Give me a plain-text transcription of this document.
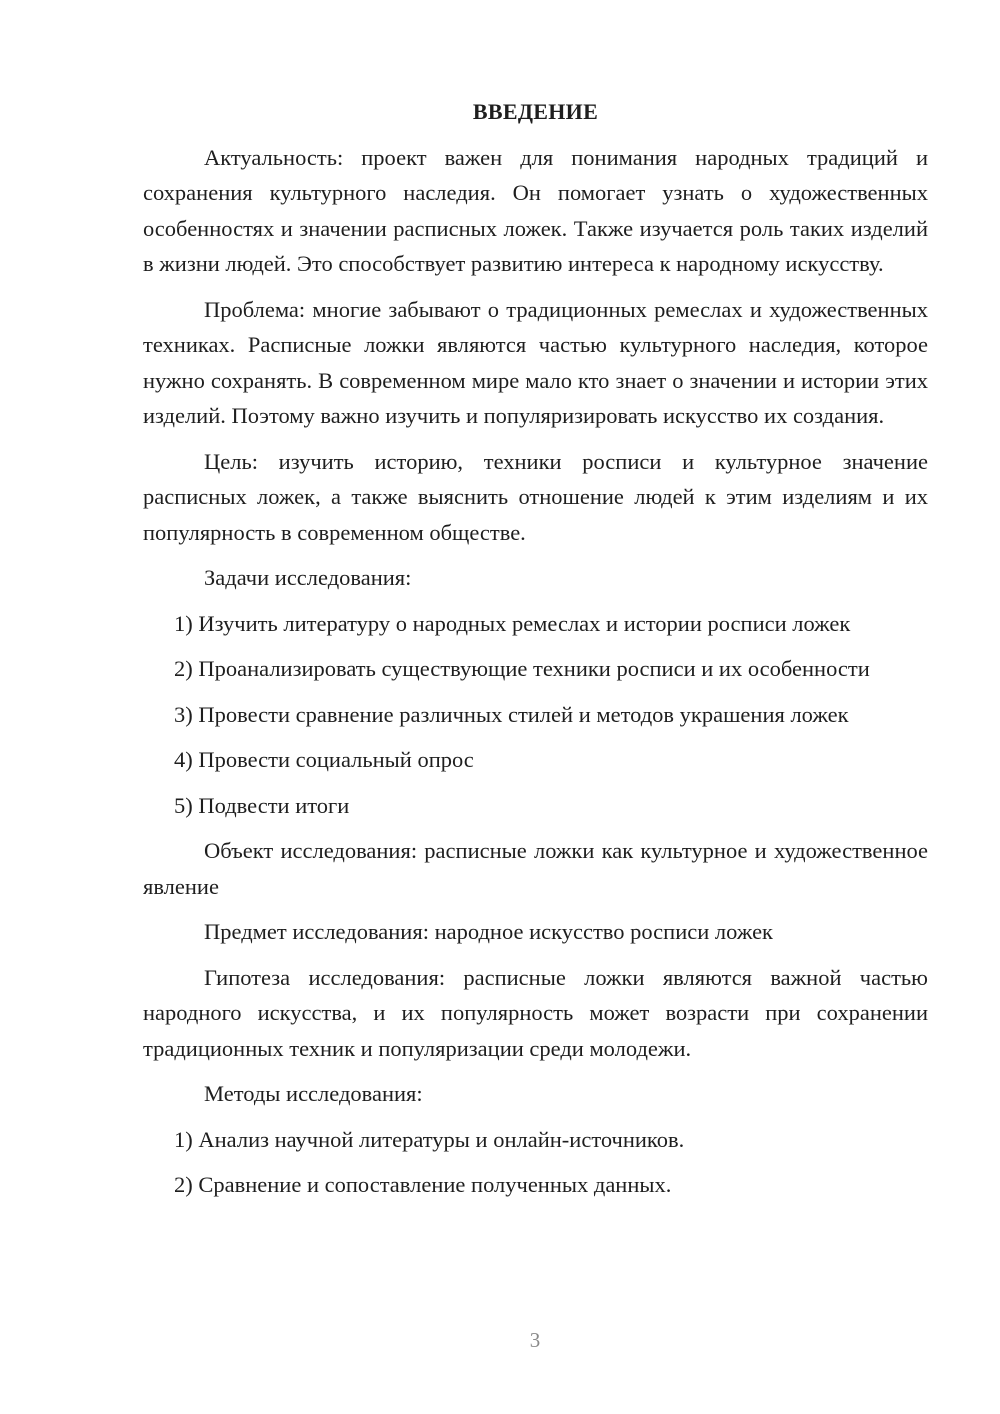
ВВЕДЕНИЕ

Актуальность: проект важен для понимания народных традиций и сохранения культурного наследия. Он помогает узнать о художественных особенностях и значении расписных ложек. Также изучается роль таких изделий в жизни людей. Это способствует развитию интереса к народному искусству.

Проблема: многие забывают о традиционных ремеслах и художественных техниках. Расписные ложки являются частью культурного наследия, которое нужно сохранять. В современном мире мало кто знает о значении и истории этих изделий. Поэтому важно изучить и популяризировать искусство их создания.

Цель: изучить историю, техники росписи и культурное значение расписных ложек, а также выяснить отношение людей к этим изделиям и их популярность в современном обществе.

Задачи исследования:

1) Изучить литературу о народных ремеслах и истории росписи ложек

2) Проанализировать существующие техники росписи и их особенности

3) Провести сравнение различных стилей и методов украшения ложек

4) Провести социальный опрос

5) Подвести итоги

Объект исследования: расписные ложки как культурное и художественное явление

Предмет исследования: народное искусство росписи ложек

Гипотеза исследования: расписные ложки являются важной частью народного искусства, и их популярность может возрасти при сохранении традиционных техник и популяризации среди молодежи.

Методы исследования:

1) Анализ научной литературы и онлайн-источников.

2) Сравнение и сопоставление полученных данных.

3
